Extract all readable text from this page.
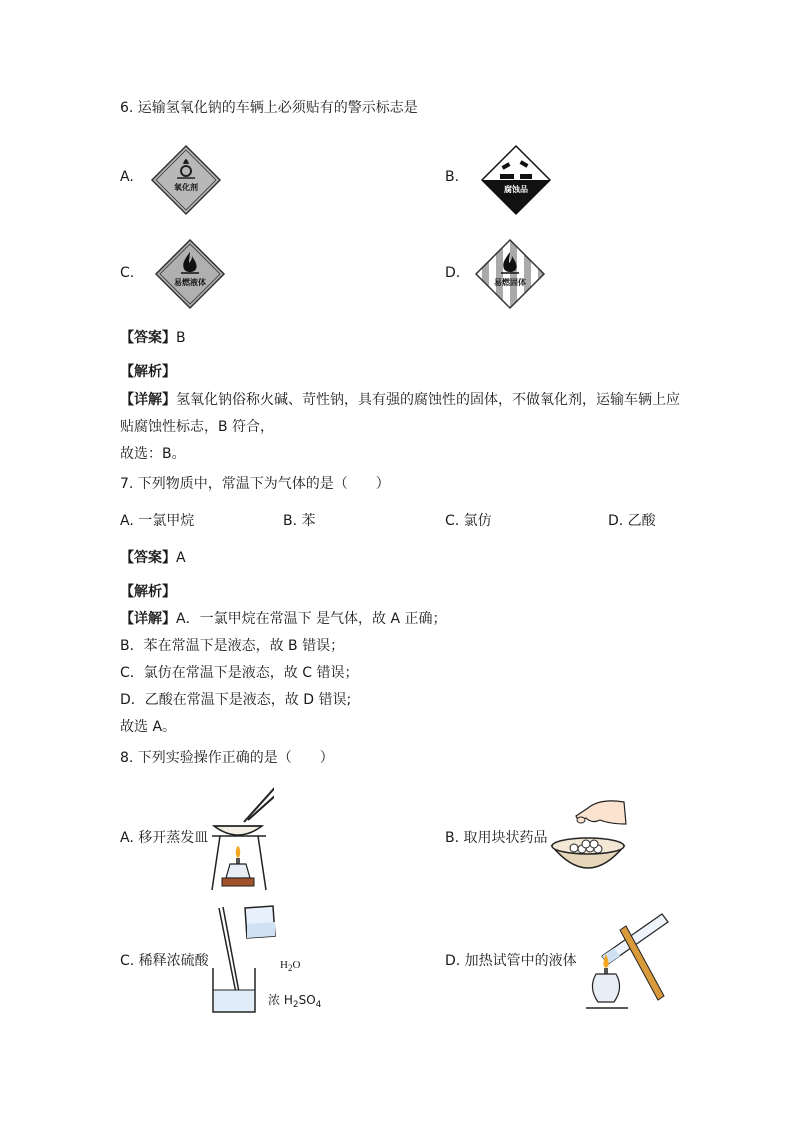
6. 运输氢氧化钠的车辆上必须贴有的警示标志是
A.
氧化剂
B.
腐蚀品
C.
易燃液体
D.
易燃固体
【答案】B
【解析】
【详解】氢氧化钠俗称火碱、苛性钠，具有强的腐蚀性的固体，不做氧化剂，运输车辆上应
贴腐蚀性标志，B 符合，
故选：B。
7. 下列物质中，常温下为气体的是（　　）
A. 一氯甲烷	B. 苯	C. 氯仿	D. 乙酸
【答案】A
【解析】
【详解】A．一氯甲烷在常温下 是气体，故 A 正确；
B．苯在常温下是液态，故 B 错误；
C．氯仿在常温下是液态，故 C 错误；
D．乙酸在常温下是液态，故 D 错误;
故选 A。
8. 下列实验操作正确的是（　　）
A. 移开蒸发皿	B. 取用块状药品
C. 稀释浓硫酸	$H_2O$
浓 $H_2SO_4$
D. 加热试管中的液体
